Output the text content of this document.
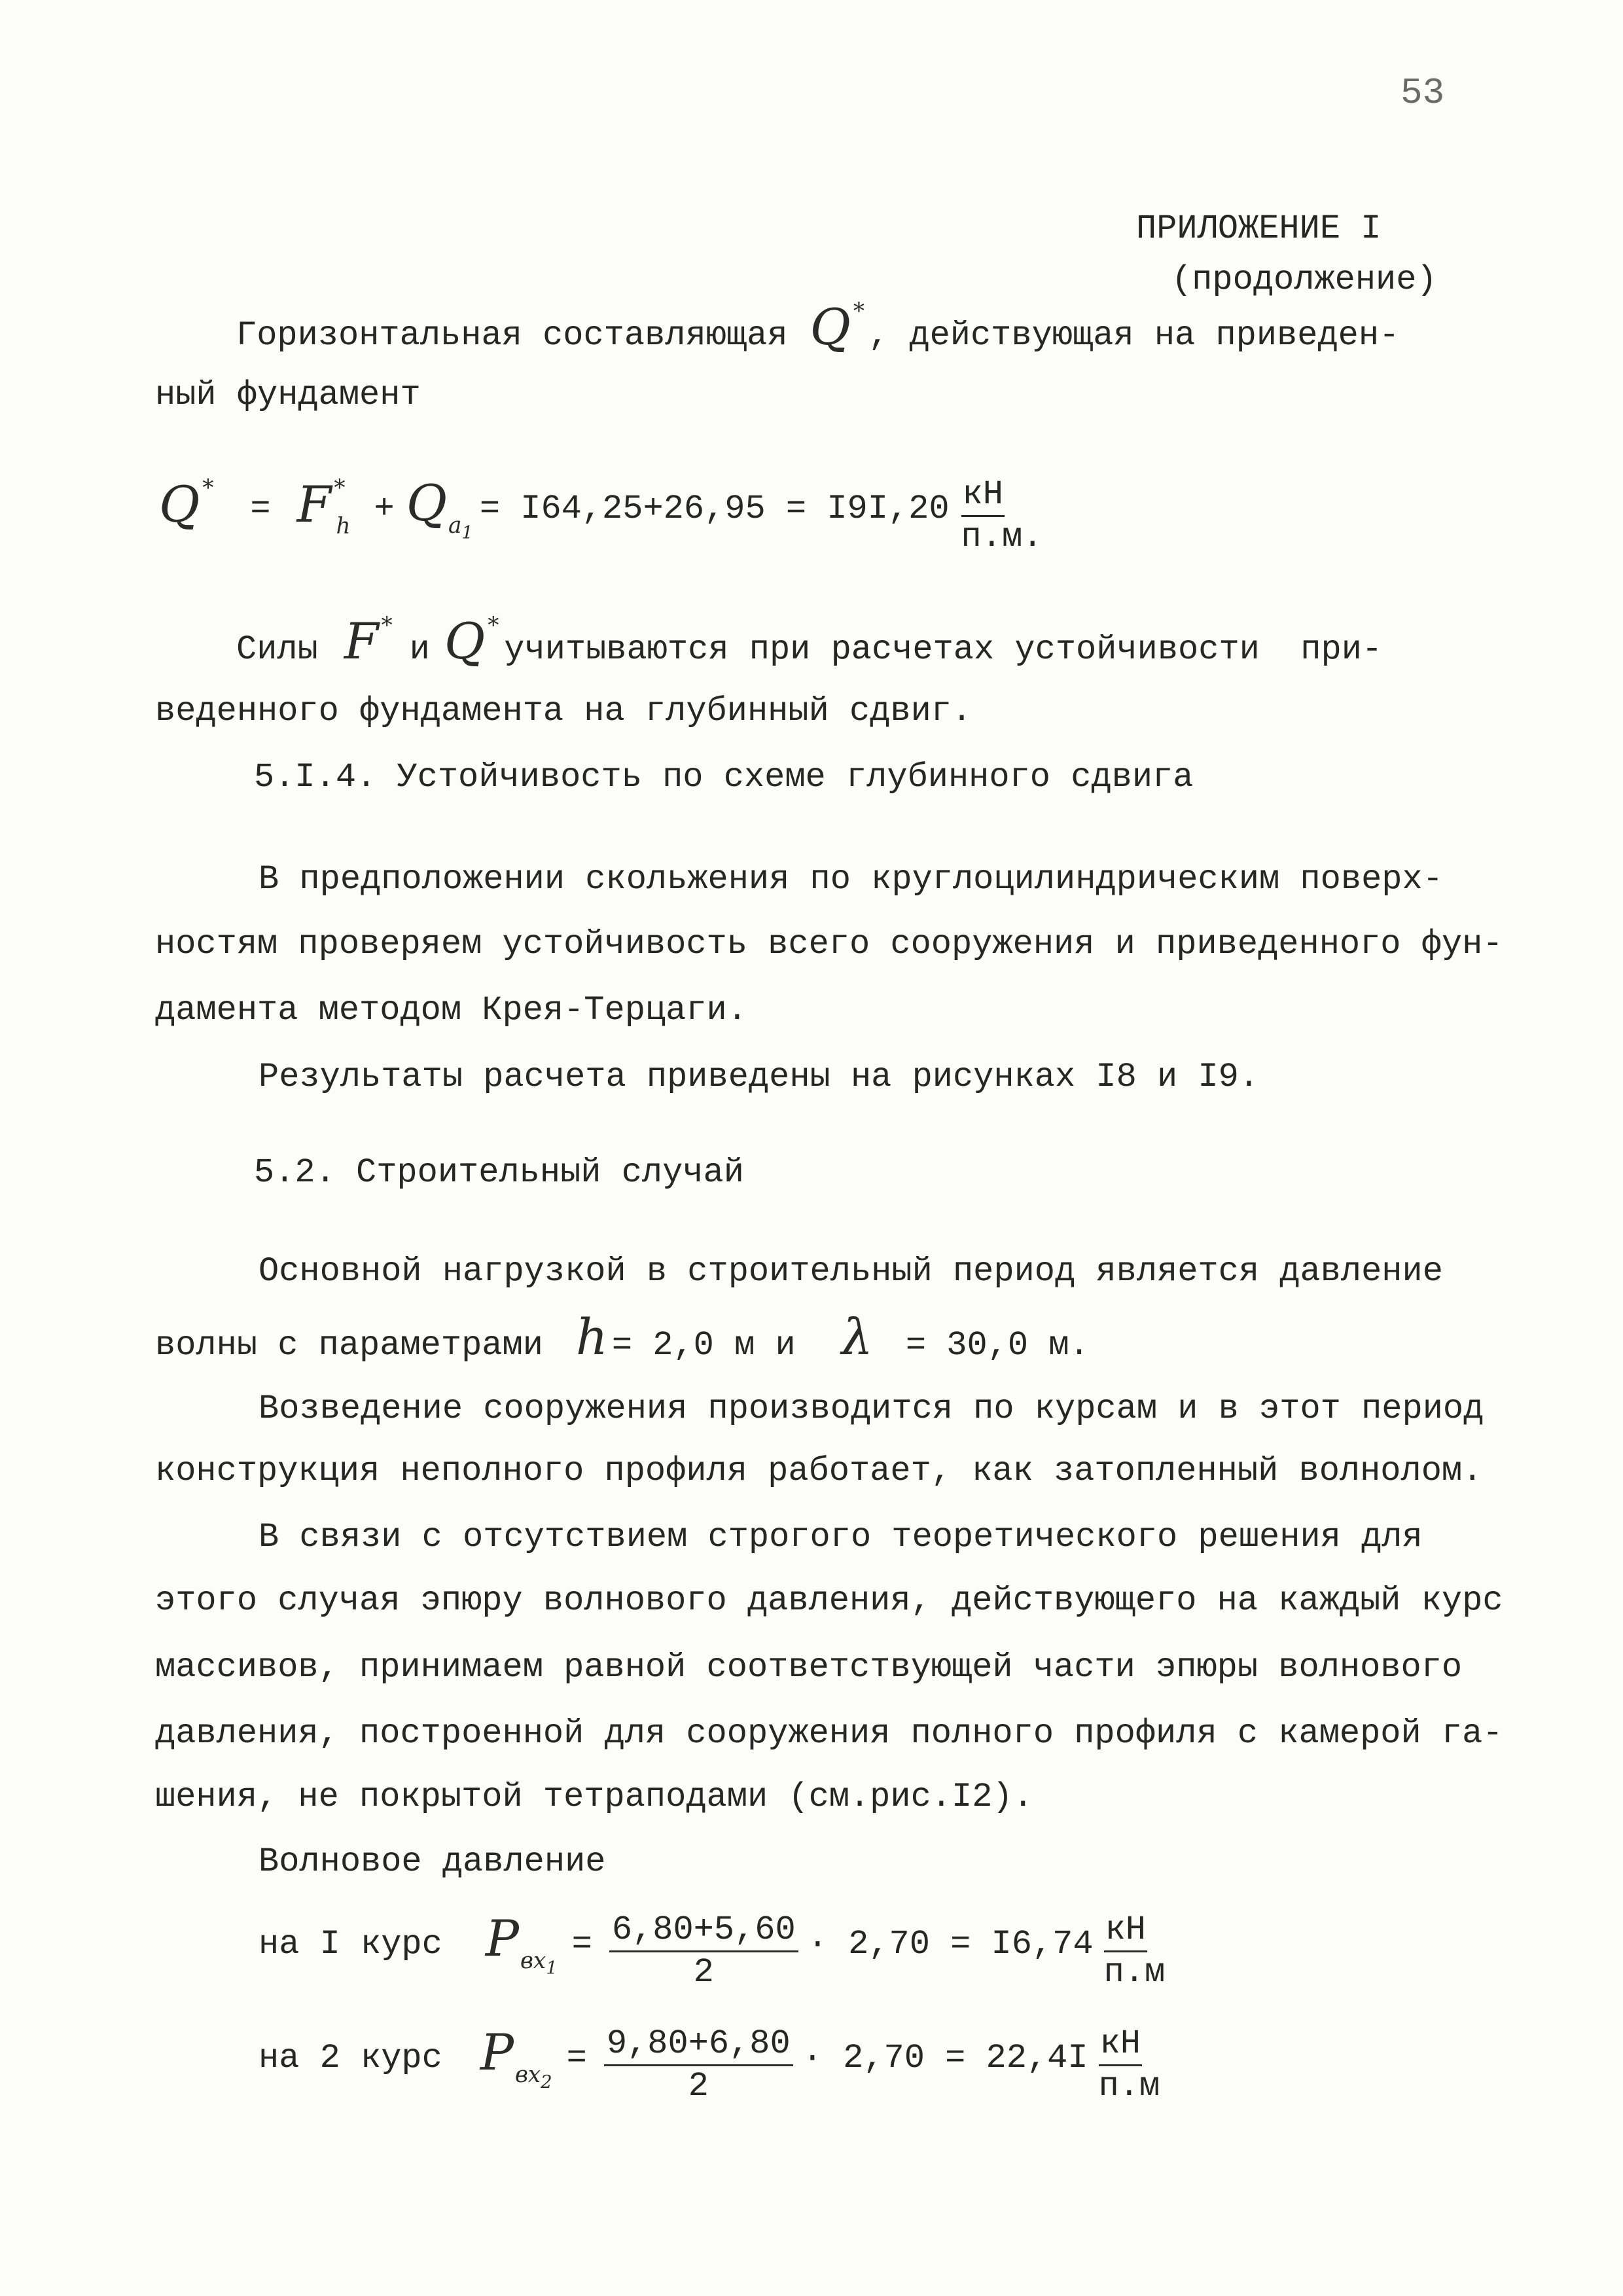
53
ПРИЛОЖЕНИЕ I
(продолжение)
Горизонтальная составляющая Q *
, действующая на приведен-
ный фундамент
Q *
= F *
h + Q $a_1$
= $I64,25+26,95 = I9I,20 \frac{кН}{п.м.}$
Силы F *
и Q *
учитываются при расчетах устойчивости  при-
веденного фундамента на глубинный сдвиг.
5.I.4. Устойчивость по схеме глубинного сдвига
В предположении скольжения по круглоцилиндрическим поверх-
ностям проверяем устойчивость всего сооружения и приведенного фун-
дамента методом Крея-Терцаги.
Результаты расчета приведены на рисунках I8 и I9.
5.2. Строительный случай
Основной нагрузкой в строительный период является давление
волны с параметрами h = 2,0 м и λ = 30,0 м.
Возведение сооружения производится по курсам и в этот период
конструкция неполного профиля работает, как затопленный волнолом.
В связи с отсутствием строгого теоретического решения для
этого случая эпюру волнового давления, действующего на каждый курс
массивов, принимаем равной соответствующей части эпюры волнового
давления, построенной для сооружения полного профиля с камерой га-
шения, не покрытой тетраподами (см.рис.I2).
Волновое давление
на I курс P $вх_1$
= $\frac{6,80+5,60}{2} \cdot 2,70 = I6,74 \frac{кН}{п.м}$
на 2 курс P $вх_2$
= $\frac{9,80+6,80}{2} \cdot 2,70 = 22,4I \frac{кН}{п.м}$
